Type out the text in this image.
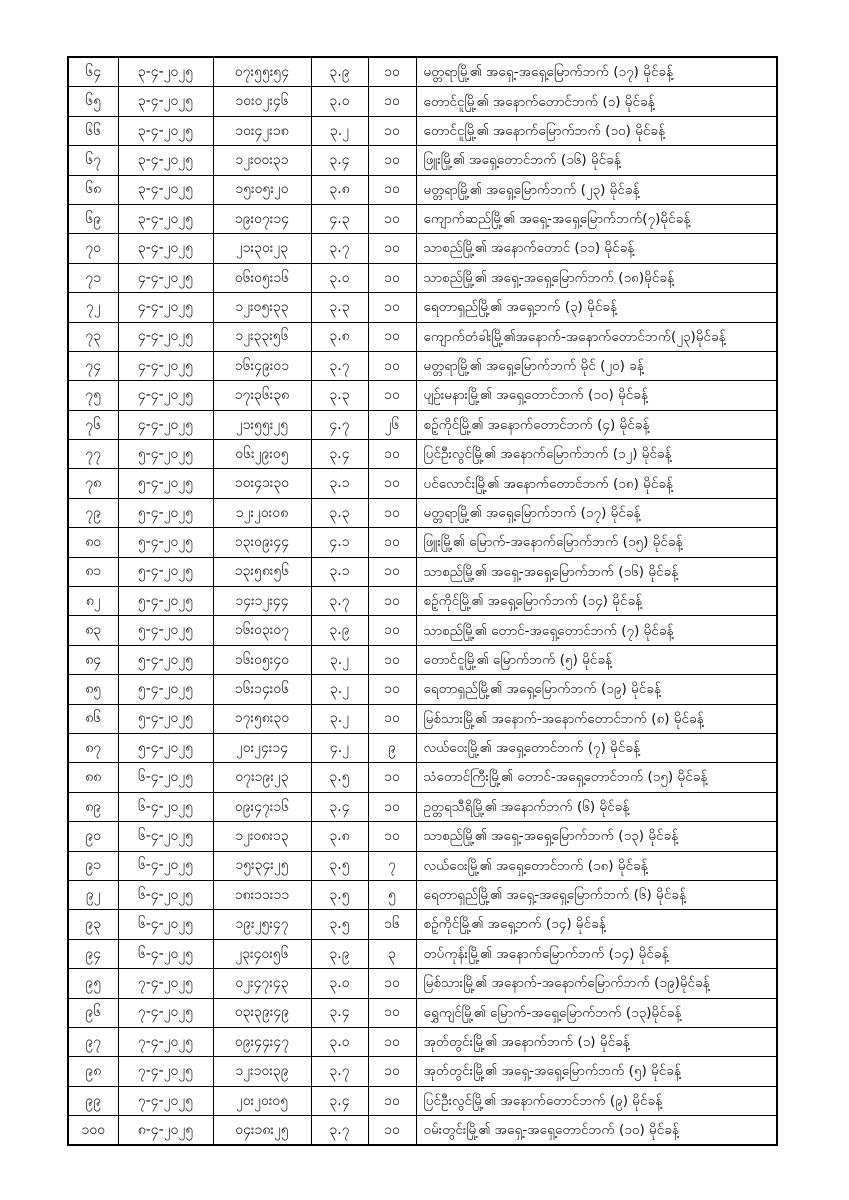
၆၄	၃-၄-၂၀၂၅	၀၇း၅၅း၅၄	၃.၉	၁၀	မတ္တရာမြို့၏ အရှေ့-အရှေ့မြောက်ဘက် (၁၇) မိုင်ခန့်
၆၅	၃-၄-၂၀၂၅	၁၀း၀၂း၄၆	၃.၀	၁၀	တောင်ငူမြို့၏ အနောက်တောင်ဘက် (၁) မိုင်ခန့်
၆၆	၃-၄-၂၀၂၅	၁၀း၄၂း၁၈	၃.၂	၁၀	တောင်ငူမြို့၏ အနောက်မြောက်ဘက် (၁၀) မိုင်ခန့်
၆၇	၃-၄-၂၀၂၅	၁၂း၀၀း၃၁	၃.၄	၁၀	ဖြူးမြို့၏ အရှေ့တောင်ဘက် (၁၆) မိုင်ခန့်
၆၈	၃-၄-၂၀၂၅	၁၅း၀၅း၂၀	၃.၈	၁၀	မတ္တရာမြို့၏ အရှေ့မြောက်ဘက် (၂၃) မိုင်ခန့်
၆၉	၃-၄-၂၀၂၅	၁၉း၀၇း၁၄	၄.၃	၁၀	ကျောက်ဆည်မြို့၏ အရှေ့-အရှေ့မြောက်ဘက်(၇)မိုင်ခန့်
၇၀	၃-၄-၂၀၂၅	၂၁း၃၀း၂၃	၃.၇	၁၀	သာစည်မြို့၏ အနောက်တောင် (၁၁) မိုင်ခန့်
၇၁	၄-၄-၂၀၂၅	၀၆း၀၅း၁၆	၃.၀	၁၀	သာစည်မြို့၏ အရှေ့-အရှေ့မြောက်ဘက် (၁၈)မိုင်ခန့်
၇၂	၄-၄-၂၀၂၅	၁၂း၀၅း၃၃	၃.၃	၁၀	ရေတာရှည်မြို့၏ အရှေ့ဘက် (၃) မိုင်ခန့်
၇၃	၄-၄-၂၀၂၅	၁၂း၃၃း၅၆	၃.၈	၁၀	ကျောက်တံခါးမြို့၏အနောက်-အနောက်တောင်ဘက်(၂၃)မိုင်ခန့်
၇၄	၄-၄-၂၀၂၅	၁၆း၄၉း၀၁	၃.၇	၁၀	မတ္တရာမြို့၏ အရှေ့မြောက်ဘက် မိုင် (၂၀) ခန့်
၇၅	၄-၄-၂၀၂၅	၁၇း၃၆း၃၈	၃.၃	၁၀	ပျဉ်းမနားမြို့၏ အရှေ့တောင်ဘက် (၁၀) မိုင်ခန့်
၇၆	၄-၄-၂၀၂၅	၂၁း၅၅း၂၅	၄.၇	၂၆	စဥ့်ကိုင်မြို့၏ အနောက်တောင်ဘက် (၄) မိုင်ခန့်
၇၇	၅-၄-၂၀၂၅	၀၆း၂၉း၀၅	၃.၄	၁၀	ပြင်ဦးလွင်မြို့၏ အနောက်မြောက်ဘက် (၁၂) မိုင်ခန့်
၇၈	၅-၄-၂၀၂၅	၁၀း၄၁း၃၀	၃.၁	၁၀	ပင်လောင်းမြို့၏ အနောက်တောင်ဘက် (၁၈) မိုင်ခန့်
၇၉	၅-၄-၂၀၂၅	၁၂း၂၀း၀၈	၃.၃	၁၀	မတ္တရာမြို့၏ အရှေ့မြောက်ဘက် (၁၇) မိုင်ခန့်
၈၀	၅-၄-၂၀၂၅	၁၃း၀၉း၄၄	၄.၁	၁၀	ဖြူးမြို့၏ မြောက်-အနောက်မြောက်ဘက် (၁၅) မိုင်ခန့်
၈၁	၅-၄-၂၀၂၅	၁၃း၅၈း၅၆	၃.၁	၁၀	သာစည်မြို့၏ အရှေ့-အရှေ့မြောက်ဘက် (၁၆) မိုင်ခန့်
၈၂	၅-၄-၂၀၂၅	၁၄း၁၂း၄၄	၃.၇	၁၀	စဥ့်ကိုင်မြို့၏ အရှေ့မြောက်ဘက် (၁၄) မိုင်ခန့်
၈၃	၅-၄-၂၀၂၅	၁၆း၀၃း၀၇	၃.၉	၁၀	သာစည်မြို့၏ တောင်-အရှေ့တောင်ဘက် (၇) မိုင်ခန့်
၈၄	၅-၄-၂၀၂၅	၁၆း၀၅း၄၀	၃.၂	၁၀	တောင်ငူမြို့၏ မြောက်ဘက် (၅) မိုင်ခန့်
၈၅	၅-၄-၂၀၂၅	၁၆း၁၄း၀၆	၃.၂	၁၀	ရေတာရှည်မြို့၏ အရှေ့မြောက်ဘက် (၁၉) မိုင်ခန့်
၈၆	၅-၄-၂၀၂၅	၁၇း၅၈း၃၀	၃.၂	၁၀	မြစ်သားမြို့၏ အနောက်-အနောက်တောင်ဘက် (၈) မိုင်ခန့်
၈၇	၅-၄-၂၀၂၅	၂၀း၂၄း၁၄	၄.၂	၉	လယ်ဝေးမြို့၏ အရှေ့တောင်ဘက် (၇) မိုင်ခန့်
၈၈	၆-၄-၂၀၂၅	၀၇း၁၉း၂၃	၃.၅	၁၀	သံတောင်ကြီးမြို့၏ တောင်-အရှေ့တောင်ဘက် (၁၅) မိုင်ခန့်
၈၉	၆-၄-၂၀၂၅	၀၉း၄၇း၁၆	၃.၄	၁၀	ဥတ္တရသီရိမြို့၏ အနောက်ဘက် (၆) မိုင်ခန့်
၉၀	၆-၄-၂၀၂၅	၁၂း၀၈း၁၃	၃.၈	၁၀	သာစည်မြို့၏ အရှေ့-အရှေ့မြောက်ဘက် (၁၃) မိုင်ခန့်
၉၁	၆-၄-၂၀၂၅	၁၅း၃၄း၂၅	၃.၅	၇	လယ်ဝေးမြို့၏ အရှေ့တောင်ဘက် (၁၈) မိုင်ခန့်
၉၂	၆-၄-၂၀၂၅	၁၈း၁၁း၁၁	၃.၅	၅	ရေတာရှည်မြို့၏ အရှေ့-အရှေ့မြောက်ဘက် (၆) မိုင်ခန့်
၉၃	၆-၄-၂၀၂၅	၁၉း၂၅း၄၇	၃.၅	၁၆	စဥ့်ကိုင်မြို့၏ အရှေ့ဘက် (၁၄) မိုင်ခန့်
၉၄	၆-၄-၂၀၂၅	၂၃း၄၀း၅၆	၃.၉	၃	တပ်ကုန်းမြို့၏ အနောက်မြောက်ဘက် (၁၄) မိုင်ခန့်
၉၅	၇-၄-၂၀၂၅	၀၂း၄၇း၄၃	၃.၀	၁၀	မြစ်သားမြို့၏ အနောက်-အနောက်မြောက်ဘက် (၁၉)မိုင်ခန့်
၉၆	၇-၄-၂၀၂၅	၀၃း၃၉း၄၉	၃.၄	၁၀	ရွှေကျင်မြို့၏ မြောက်-အရှေ့မြောက်ဘက် (၁၃)မိုင်ခန့်
၉၇	၇-၄-၂၀၂၅	၀၉း၄၄း၄၇	၃.၀	၁၀	အုတ်တွင်းမြို့၏ အနောက်ဘက် (၁) မိုင်ခန့်
၉၈	၇-၄-၂၀၂၅	၁၂း၁၀း၃၉	၃.၇	၁၀	အုတ်တွင်းမြို့၏ အရှေ့-အရှေ့မြောက်ဘက် (၅) မိုင်ခန့်
၉၉	၇-၄-၂၀၂၅	၂၀း၂၀း၀၅	၃.၄	၁၀	ပြင်ဦးလွင်မြို့၏ အနောက်တောင်ဘက် (၉) မိုင်ခန့်
၁၀၀	၈-၄-၂၀၂၅	၀၄း၁၈း၂၅	၃.၇	၁၀	ဝမ်းတွင်းမြို့၏ အရှေ့-အရှေ့တောင်ဘက် (၁၀) မိုင်ခန့်
